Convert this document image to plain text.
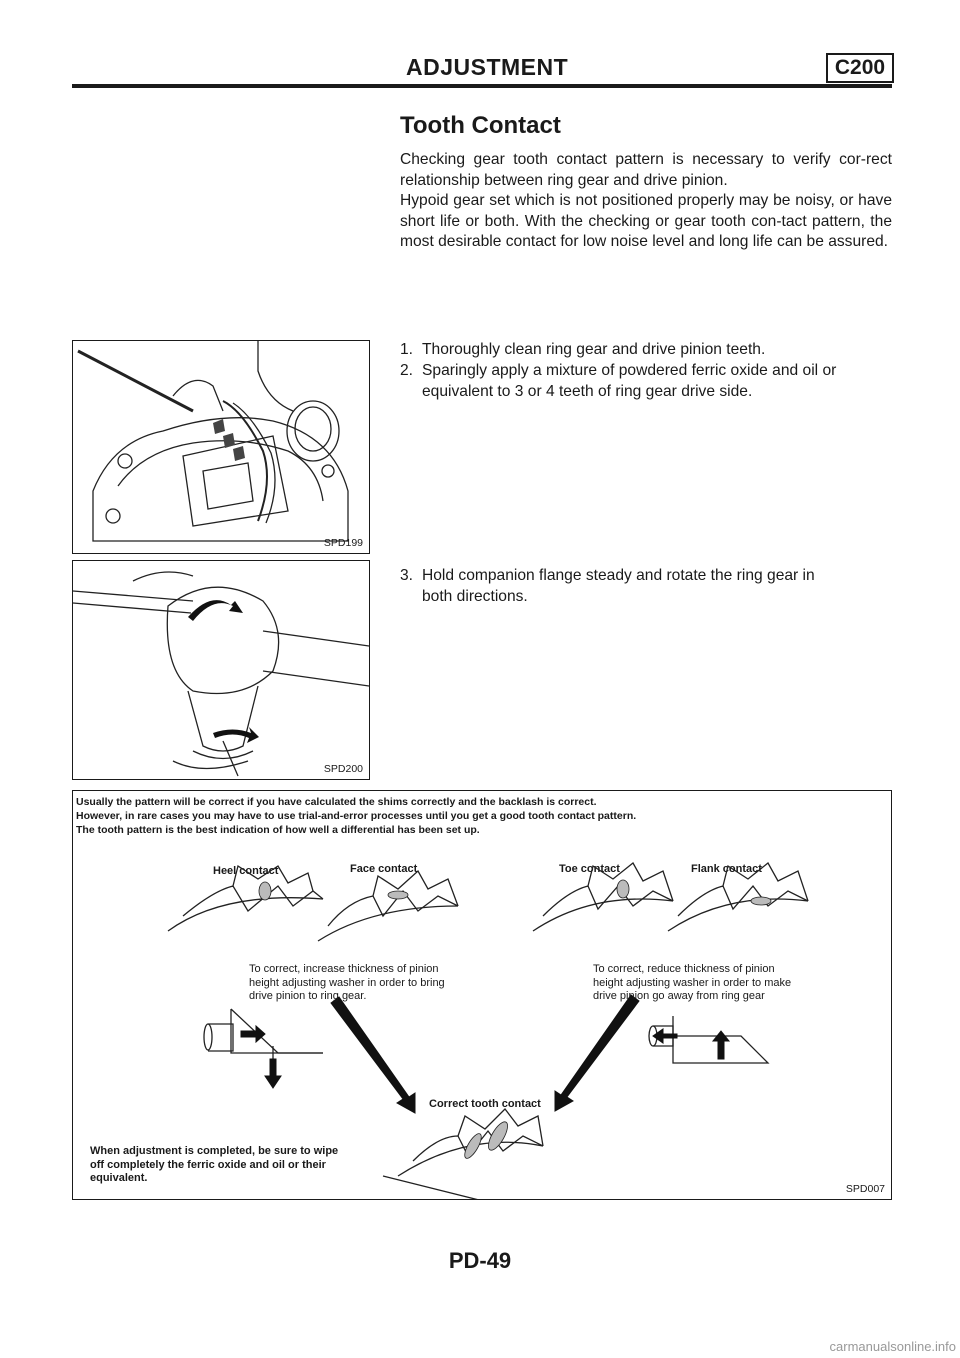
ADJUSTMENT	C200
Tooth Contact
Checking gear tooth contact pattern is necessary to verify cor-rect relationship between ring gear and drive pinion.
Hypoid gear set which is not positioned properly may be noisy, or have short life or both. With the checking or gear tooth con-tact pattern, the most desirable contact for low noise level and long life can be assured.
1. Thoroughly clean ring gear and drive pinion teeth.
2. Sparingly apply a mixture of powdered ferric oxide and oil or
equivalent to 3 or 4 teeth of ring gear drive side.
3. Hold companion flange steady and rotate the ring gear in
both directions.
SPD199
SPD200
Usually the pattern will be correct if you have calculated the shims correctly and the backlash is correct.
However, in rare cases you may have to use trial-and-error processes until you get a good tooth contact pattern.
The tooth pattern is the best indication of how well a differential has been set up.
Heel contact	Face contact	Toe contact	Flank contact
To correct, increase thickness of pinion
height adjusting washer in order to bring
drive pinion to ring gear.
To correct, reduce thickness of pinion
height adjusting washer in order to make
drive pinion go away from ring gear
Correct tooth contact
When adjustment is completed, be sure to wipe
off completely the ferric oxide and oil or their
equivalent.
SPD007
PD-49
carmanualsonline.info
